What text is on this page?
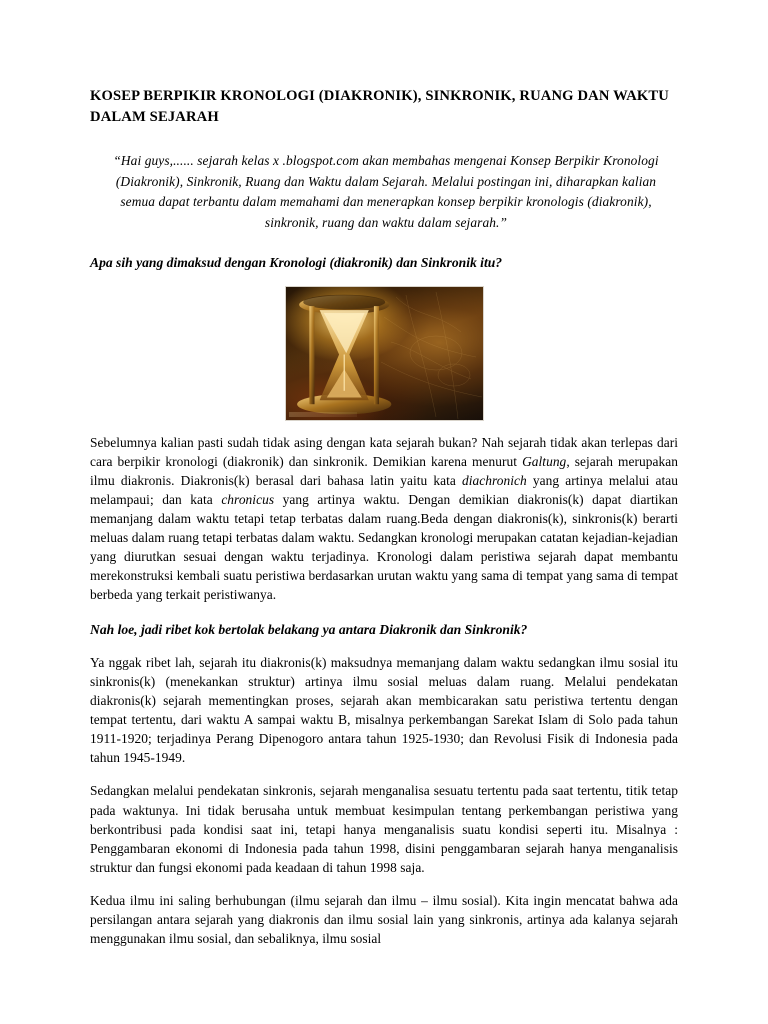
KOSEP BERPIKIR KRONOLOGI (DIAKRONIK), SINKRONIK, RUANG DAN WAKTU DALAM SEJARAH
“Hai guys,...... sejarah kelas x .blogspot.com akan membahas mengenai Konsep Berpikir Kronologi (Diakronik), Sinkronik, Ruang dan Waktu dalam Sejarah. Melalui postingan ini, diharapkan kalian semua dapat terbantu dalam memahami dan menerapkan konsep berpikir kronologis (diakronik), sinkronik, ruang dan waktu dalam sejarah.”
Apa sih yang dimaksud dengan Kronologi (diakronik) dan Sinkronik itu?

Sebelumnya kalian pasti sudah tidak asing dengan kata sejarah bukan? Nah sejarah tidak akan terlepas dari cara berpikir kronologi (diakronik) dan sinkronik. Demikian karena menurut Galtung, sejarah merupakan ilmu diakronis. Diakronis(k) berasal dari bahasa latin yaitu kata diachronich yang artinya melalui atau melampaui; dan kata chronicus yang artinya waktu. Dengan demikian diakronis(k) dapat diartikan memanjang dalam waktu tetapi tetap terbatas dalam ruang.Beda dengan diakronis(k), sinkronis(k) berarti meluas dalam ruang tetapi terbatas dalam waktu. Sedangkan kronologi merupakan catatan kejadian-kejadian yang diurutkan sesuai dengan waktu terjadinya. Kronologi dalam peristiwa sejarah dapat membantu merekonstruksi kembali suatu peristiwa berdasarkan urutan waktu yang sama di tempat yang sama di tempat berbeda yang terkait peristiwanya.

Nah loe, jadi ribet kok bertolak belakang ya antara Diakronik dan Sinkronik?

Ya nggak ribet lah, sejarah itu diakronis(k) maksudnya memanjang dalam waktu sedangkan ilmu sosial itu sinkronis(k) (menekankan struktur) artinya ilmu sosial meluas dalam ruang. Melalui pendekatan diakronis(k) sejarah mementingkan proses, sejarah akan membicarakan satu peristiwa tertentu dengan tempat tertentu, dari waktu A sampai waktu B, misalnya perkembangan Sarekat Islam di Solo pada tahun 1911-1920; terjadinya Perang Dipenogoro antara tahun 1925-1930; dan Revolusi Fisik di Indonesia pada tahun 1945-1949.

Sedangkan melalui pendekatan sinkronis, sejarah menganalisa sesuatu tertentu pada saat tertentu, titik tetap pada waktunya. Ini tidak berusaha untuk membuat kesimpulan tentang perkembangan peristiwa yang berkontribusi pada kondisi saat ini, tetapi hanya menganalisis suatu kondisi seperti itu. Misalnya : Penggambaran ekonomi di Indonesia pada tahun 1998, disini penggambaran sejarah hanya menganalisis struktur dan fungsi ekonomi pada keadaan di tahun 1998 saja.

Kedua ilmu ini saling berhubungan (ilmu sejarah dan ilmu – ilmu sosial). Kita ingin mencatat bahwa ada persilangan antara sejarah yang diakronis dan ilmu sosial lain yang sinkronis, artinya ada kalanya sejarah menggunakan ilmu sosial, dan sebaliknya, ilmu sosial
